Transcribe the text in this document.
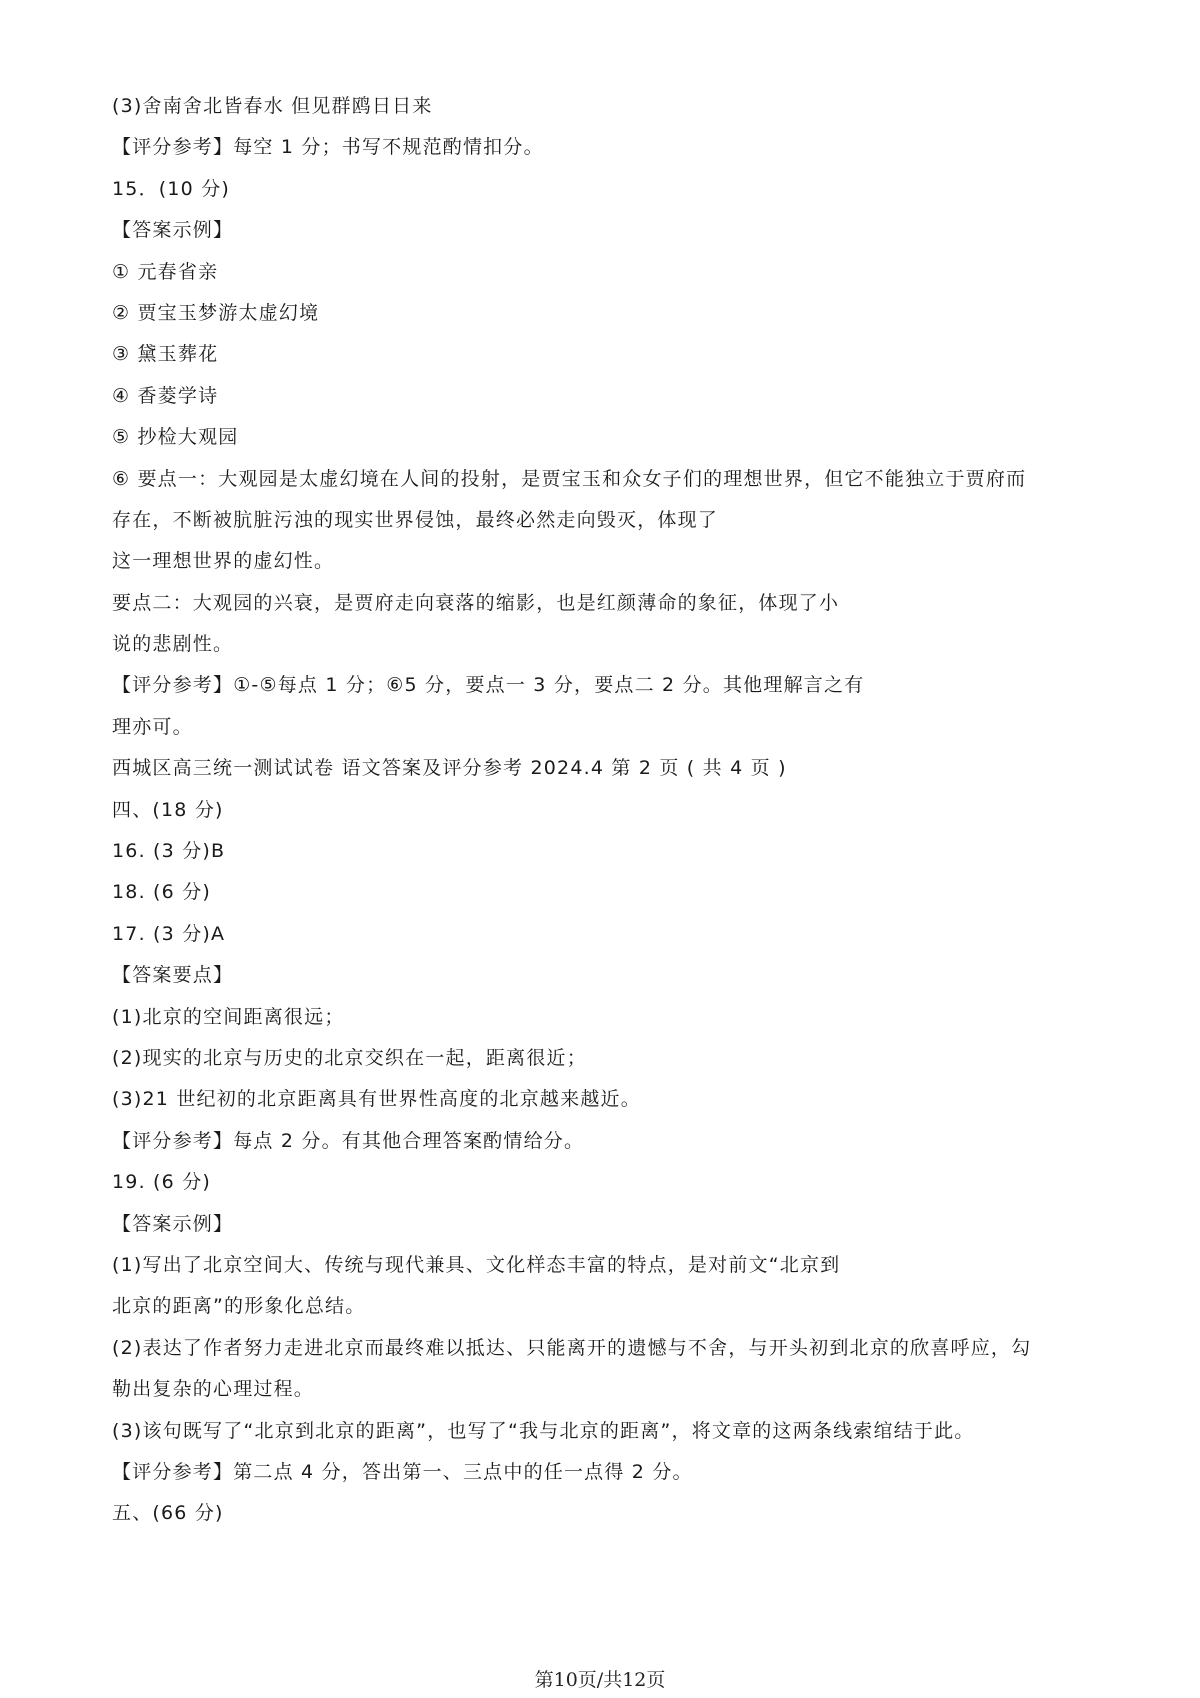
(3)舍南舍北皆春水 但见群鸥日日来
【评分参考】每空 1 分；书写不规范酌情扣分。
15．(10 分)
【答案示例】
① 元春省亲
② 贾宝玉梦游太虚幻境
③ 黛玉葬花
④ 香菱学诗
⑤ 抄检大观园
⑥ 要点一：大观园是太虚幻境在人间的投射，是贾宝玉和众女子们的理想世界，但它不能独立于贾府而
存在，不断被肮脏污浊的现实世界侵蚀，最终必然走向毁灭，体现了
这一理想世界的虚幻性。
要点二：大观园的兴衰，是贾府走向衰落的缩影，也是红颜薄命的象征，体现了小
说的悲剧性。
【评分参考】①-⑤每点 1 分；⑥5 分，要点一 3 分，要点二 2 分。其他理解言之有
理亦可。
西城区高三统一测试试卷 语文答案及评分参考 2024.4 第 2 页 ( 共 4 页 )
四、(18 分)
16. (3 分)B
18. (6 分)
17. (3 分)A
【答案要点】
(1)北京的空间距离很远；
(2)现实的北京与历史的北京交织在一起，距离很近；
(3)21 世纪初的北京距离具有世界性高度的北京越来越近。
【评分参考】每点 2 分。有其他合理答案酌情给分。
19. (6 分)
【答案示例】
(1)写出了北京空间大、传统与现代兼具、文化样态丰富的特点，是对前文“北京到
北京的距离”的形象化总结。
(2)表达了作者努力走进北京而最终难以抵达、只能离开的遗憾与不舍，与开头初到北京的欣喜呼应，勾
勒出复杂的心理过程。
(3)该句既写了“北京到北京的距离”，也写了“我与北京的距离”，将文章的这两条线索绾结于此。
【评分参考】第二点 4 分，答出第一、三点中的任一点得 2 分。
五、(66 分)
第10页/共12页
